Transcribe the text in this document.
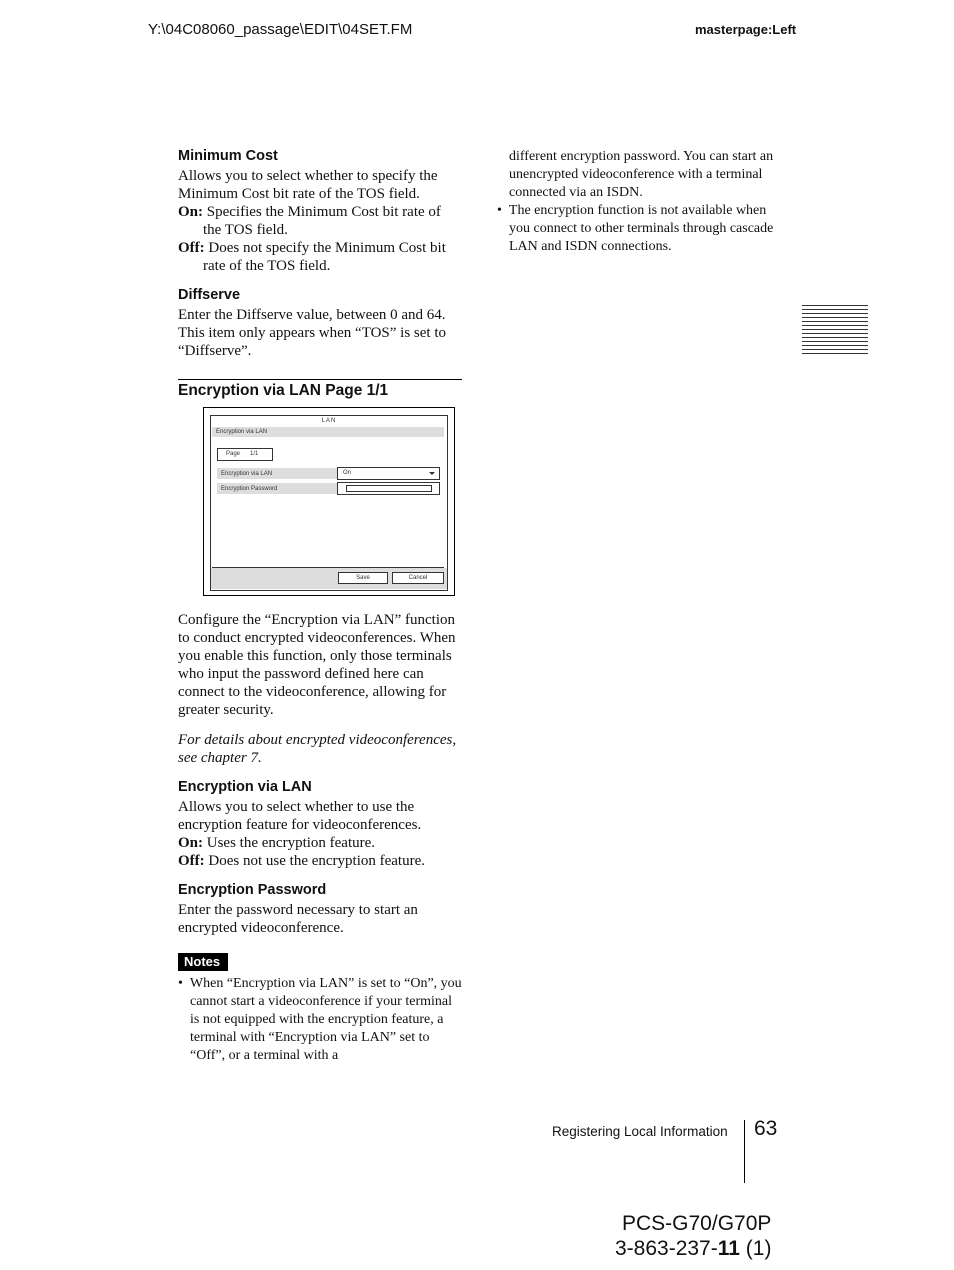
Y:\04C08060_passage\EDIT\04SET.FM	masterpage:Left
Minimum Cost

Allows you to select whether to specify the Minimum Cost bit rate of the TOS field.

On: Specifies the Minimum Cost bit rate of the TOS field.

Off: Does not specify the Minimum Cost bit rate of the TOS field.

Diffserve

Enter the Diffserve value, between 0 and 64. This item only appears when “TOS” is set to “Diffserve”.

Encryption via LAN Page 1/1
LAN
Encryption via LAN
Page 1/1
Encryption via LAN	On
Encryption Password
Save	Cancel

Configure the “Encryption via LAN” function to conduct encrypted videoconferences. When you enable this function, only those terminals who input the password defined here can connect to the videoconference, allowing for greater security.

For details about encrypted videoconferences, see chapter 7.

Encryption via LAN

Allows you to select whether to use the encryption feature for videoconferences.

On: Uses the encryption feature.

Off: Does not use the encryption feature.

Encryption Password

Enter the password necessary to start an encrypted videoconference.

Notes

•  When “Encryption via LAN” is set to “On”, you cannot start a videoconference if your terminal is not equipped with the encryption feature, a terminal with “Encryption via LAN” set to “Off”, or a terminal with a

different encryption password. You can start an unencrypted videoconference with a terminal connected via an ISDN.

•  The encryption function is not available when you connect to other terminals through cascade LAN and ISDN connections.

Registering Local Information 63
PCS-G70/G70P
3-863-237-11 (1)
